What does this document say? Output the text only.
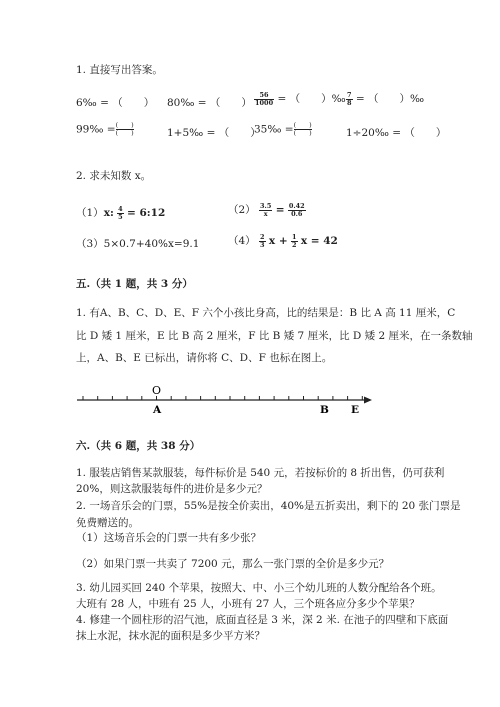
1. 直接写出答案。
6‰ = （　　） 80‰ = （　　） $\frac{56}{1000}$ = （　　）‰ $\frac{7}{8}$ = （　　）‰
99‰ = $\frac{( )}{( )}$	1+5‰ = （　　）
35‰ = $\frac{( )}{( )}$	1÷20‰ = （　　）
2. 求未知数 x。
（1）x: $\frac{4}{5}$ = 6:12	$(2) \frac{3.5}{x} = \frac{0.42}{0.6}$
（3）5×0.7+40%x=9.1	$(4) \frac{2}{3}$ $x + \frac{1}{2}$ x = 42
五.（共 1 题，共 3 分）
1. 有A、B、C、D、E、F 六个小孩比身高，比的结果是：B 比 A 高 11 厘米，C
比 D 矮 1 厘米，E 比 B 高 2 厘米，F 比 B 矮 7 厘米，比 D 矮 2 厘米，在一条数轴
上，A、B、E 已标出，请你将 C、D、F 也标在图上。
O
A	B E
六.（共 6 题，共 38 分）
1. 服装店销售某款服装，每件标价是 540 元，若按标价的 8 折出售，仍可获利
20%，则这款服装每件的进价是多少元？
2. 一场音乐会的门票，55%是按全价卖出，40%是五折卖出，剩下的 20 张门票是
免费赠送的。
（1）这场音乐会的门票一共有多少张？
（2）如果门票一共卖了 7200 元，那么一张门票的全价是多少元？
3. 幼儿园买回 240 个苹果，按照大、中、小三个幼儿班的人数分配给各个班。
大班有 28 人，中班有 25 人，小班有 27 人，三个班各应分多少个苹果？
4. 修建一个圆柱形的沼气池，底面直径是 3 米，深 2 米. 在池子的四壁和下底面
抹上水泥，抹水泥的面积是多少平方米？
